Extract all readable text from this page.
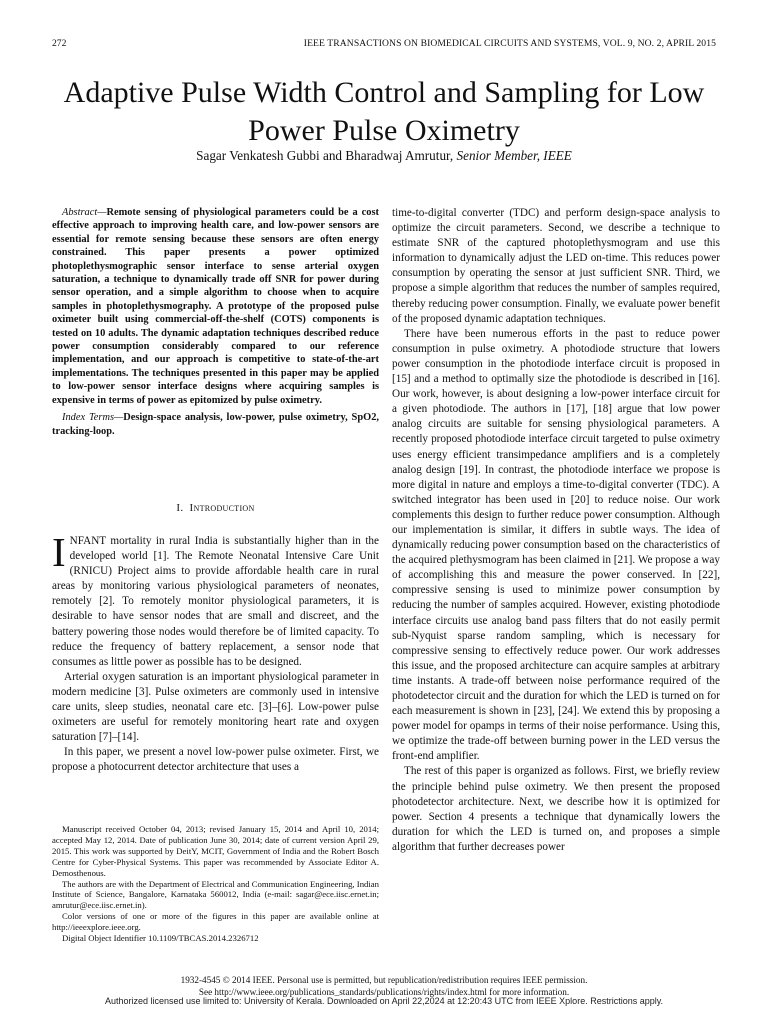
272	IEEE TRANSACTIONS ON BIOMEDICAL CIRCUITS AND SYSTEMS, VOL. 9, NO. 2, APRIL 2015
Adaptive Pulse Width Control and Sampling for Low Power Pulse Oximetry
Sagar Venkatesh Gubbi and Bharadwaj Amrutur, Senior Member, IEEE

Abstract—Remote sensing of physiological parameters could be a cost effective approach to improving health care, and low-power sensors are essential for remote sensing because these sensors are often energy constrained. This paper presents a power optimized photoplethysmographic sensor interface to sense arterial oxygen saturation, a technique to dynamically trade off SNR for power during sensor operation, and a simple algorithm to choose when to acquire samples in photoplethysmography. A prototype of the proposed pulse oximeter built using commercial-off-the-shelf (COTS) components is tested on 10 adults. The dynamic adaptation techniques described reduce power consumption considerably compared to our reference implementation, and our approach is competitive to state-of-the-art implementations. The techniques presented in this paper may be applied to low-power sensor interface designs where acquiring samples is expensive in terms of power as epitomized by pulse oximetry.

Index Terms—Design-space analysis, low-power, pulse oximetry, SpO2, tracking-loop.

I. Introduction

INFANT mortality in rural India is substantially higher than in the developed world [1]. The Remote Neonatal Intensive Care Unit (RNICU) Project aims to provide affordable health care in rural areas by monitoring various physiological parameters of neonates, remotely [2]. To remotely monitor physiological parameters, it is desirable to have sensor nodes that are small and discreet, and the battery powering those nodes would therefore be of limited capacity. To reduce the frequency of battery replacement, a sensor node that consumes as little power as possible has to be designed.

Arterial oxygen saturation is an important physiological parameter in modern medicine [3]. Pulse oximeters are commonly used in intensive care units, sleep studies, neonatal care etc. [3]–[6]. Low-power pulse oximeters are useful for remotely monitoring heart rate and oxygen saturation [7]–[14].

In this paper, we present a novel low-power pulse oximeter. First, we propose a photocurrent detector architecture that uses a

time-to-digital converter (TDC) and perform design-space analysis to optimize the circuit parameters. Second, we describe a technique to estimate SNR of the captured photoplethysmogram and use this information to dynamically adjust the LED on-time. This reduces power consumption by operating the sensor at just sufficient SNR. Third, we propose a simple algorithm that reduces the number of samples required, thereby reducing power consumption. Finally, we evaluate power benefit of the proposed dynamic adaptation techniques.

There have been numerous efforts in the past to reduce power consumption in pulse oximetry. A photodiode structure that lowers power consumption in the photodiode interface circuit is proposed in [15] and a method to optimally size the photodiode is described in [16]. Our work, however, is about designing a low-power interface circuit for a given photodiode. The authors in [17], [18] argue that low power analog circuits are suitable for sensing physiological parameters. A recently proposed photodiode interface circuit targeted to pulse oximetry uses energy efficient transimpedance amplifiers and is a completely analog design [19]. In contrast, the photodiode interface we propose is more digital in nature and employs a time-to-digital converter (TDC). A switched integrator has been used in [20] to reduce noise. Our work complements this design to further reduce power consumption. Although our implementation is similar, it differs in subtle ways. The idea of dynamically reducing power consumption based on the characteristics of the acquired plethysmogram has been claimed in [21]. We propose a way of accomplishing this and measure the power conserved. In [22], compressive sensing is used to minimize power consumption by reducing the number of samples acquired. However, existing photodiode interface circuits use analog band pass filters that do not easily permit sub-Nyquist sparse random sampling, which is necessary for compressive sensing to effectively reduce power. Our work addresses this issue, and the proposed architecture can acquire samples at arbitrary time instants. A trade-off between noise performance required of the photodetector circuit and the duration for which the LED is turned on for each measurement is shown in [23], [24]. We extend this by proposing a power model for opamps in terms of their noise performance. Using this, we optimize the trade-off between burning power in the LED versus the front-end amplifier.

The rest of this paper is organized as follows. First, we briefly review the principle behind pulse oximetry. We then present the proposed photodetector architecture. Next, we describe how it is optimized for power. Section 4 presents a technique that dynamically lowers the duration for which the LED is turned on, and proposes a simple algorithm that further decreases power

Manuscript received October 04, 2013; revised January 15, 2014 and April 10, 2014; accepted May 12, 2014. Date of publication June 30, 2014; date of current version April 29, 2015. This work was supported by DeitY, MCIT, Government of India and the Robert Bosch Centre for Cyber-Physical Systems. This paper was recommended by Associate Editor A. Demosthenous.

The authors are with the Department of Electrical and Communication Engineering, Indian Institute of Science, Bangalore, Karnataka 560012, India (e-mail: sagar@ece.iisc.ernet.in; amrutur@ece.iisc.ernet.in).

Color versions of one or more of the figures in this paper are available online at http://ieeexplore.ieee.org.

Digital Object Identifier 10.1109/TBCAS.2014.2326712

1932-4545 © 2014 IEEE. Personal use is permitted, but republication/redistribution requires IEEE permission.
See http://www.ieee.org/publications_standards/publications/rights/index.html for more information.
Authorized licensed use limited to: University of Kerala. Downloaded on April 22,2024 at 12:20:43 UTC from IEEE Xplore. Restrictions apply.
